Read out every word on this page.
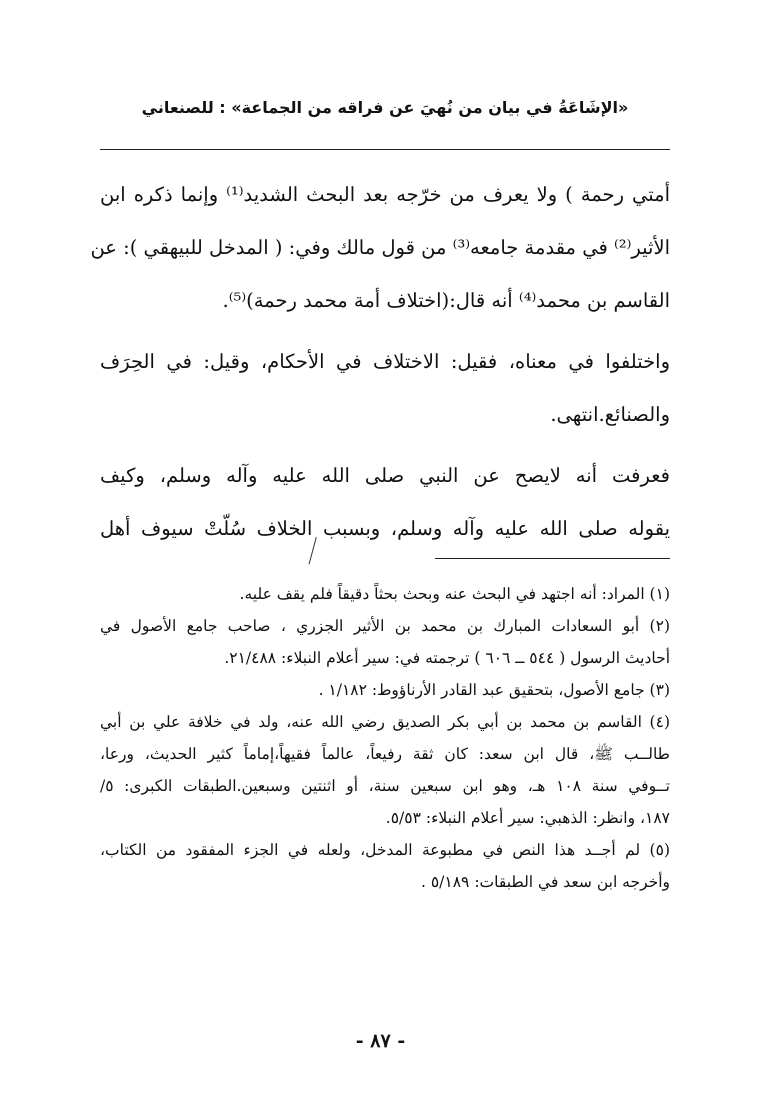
«الإشَاعَةُ في بيان من نُهيَ عن فراقه من الجماعة» : للصنعاني

أمتي رحمة ) ولا يعرف من خرّجه بعد البحث الشديد⁽¹⁾ وإنما ذكره ابن
الأثير⁽²⁾ في مقدمة جامعه⁽³⁾ من قول مالك وفي: ( المدخل للبيهقي ): عن
القاسم بن محمد⁽⁴⁾ أنه قال:(اختلاف أمة محمد رحمة)⁽⁵⁾.

واختلفوا في معناه، فقيل: الاختلاف في الأحكام، وقيل: في الحِرَف
والصنائع.انتهى.

فعرفت أنه لايصح عن النبي صلى الله عليه وآله وسلم، وكيف
يقوله صلى الله عليه وآله وسلم، وبسبب الخلاف سُلّتْ سيوف أهل

(١) المراد: أنه اجتهد في البحث عنه وبحث بحثاً دقيقاً فلم يقف عليه.
(٢) أبو السعادات المبارك بن محمد بن الأثير الجزري ، صاحب جامع الأصول في
أحاديث الرسول ( ٥٤٤ ــ ٦٠٦ ) ترجمته في: سير أعلام النبلاء: ٢١/٤٨٨.
(٣) جامع الأصول، بتحقيق عبد القادر الأرناؤوط: ١/١٨٢ .
(٤) القاسم بن محمد بن أبي بكر الصديق رضي الله عنه، ولد في خلافة علي بن أبي
طالــب ﷺ، قال ابن سعد: كان ثقة رفيعاً، عالماً فقيهاً،إماماً كثير الحديث، ورعا،
تــوفي سنة ١٠٨ هـ، وهو ابن سبعين سنة، أو اثنتين وسبعين.الطبقات الكبرى: ٥/
١٨٧، وانظر: الذهبي: سير أعلام النبلاء: ٥/٥٣.
(٥) لم أجــد هذا النص في مطبوعة المدخل، ولعله في الجزء المفقود من الكتاب،
وأخرجه ابن سعد في الطبقات: ٥/١٨٩ .
- ٨٧ -
